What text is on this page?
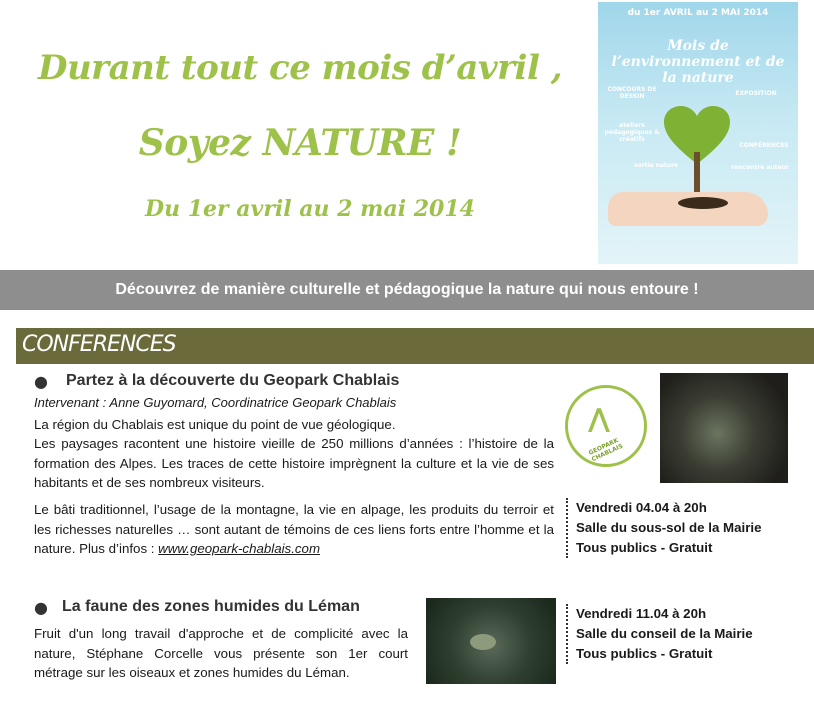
Durant tout ce mois d’avril ,
Soyez NATURE !
Du 1er avril au 2 mai 2014
du 1er AVRIL au 2 MAI 2014
Mois de l’environnement et de la nature
EXPOSITION
CONCOURS DE DESSIN
ateliers pédagogiques & créatifs
CONFÉRENCES
sortie nature	rencontre auteur
Découvrez de manière culturelle et pédagogique la nature qui nous entoure !
CONFERENCES
● Partez à la découverte du Geopark Chablais
Intervenant : Anne Guyomard, Coordinatrice Geopark Chablais
La région du Chablais est unique du point de vue géologique.
Les paysages racontent une histoire vieille de 250 millions d’années : l’histoire de la formation des Alpes. Les traces de cette histoire imprègnent la culture et la vie de ses habitants et de ses nombreux visiteurs.
Le bâti traditionnel, l’usage de la montagne, la vie en alpage, les produits du terroir et les richesses naturelles … sont autant de témoins de ces liens forts entre l’homme et la nature. Plus d’infos : www.geopark-chablais.com
⋀
GEOPARK CHABLAIS
Vendredi 04.04 à 20h
Salle du sous-sol de la Mairie
Tous publics - Gratuit
● La faune des zones humides du Léman
Fruit d'un long travail d'approche et de complicité avec la nature, Stéphane Corcelle vous présente son 1er court métrage sur les oiseaux et zones humides du Léman.
Vendredi 11.04 à 20h
Salle du conseil de la Mairie
Tous publics - Gratuit
